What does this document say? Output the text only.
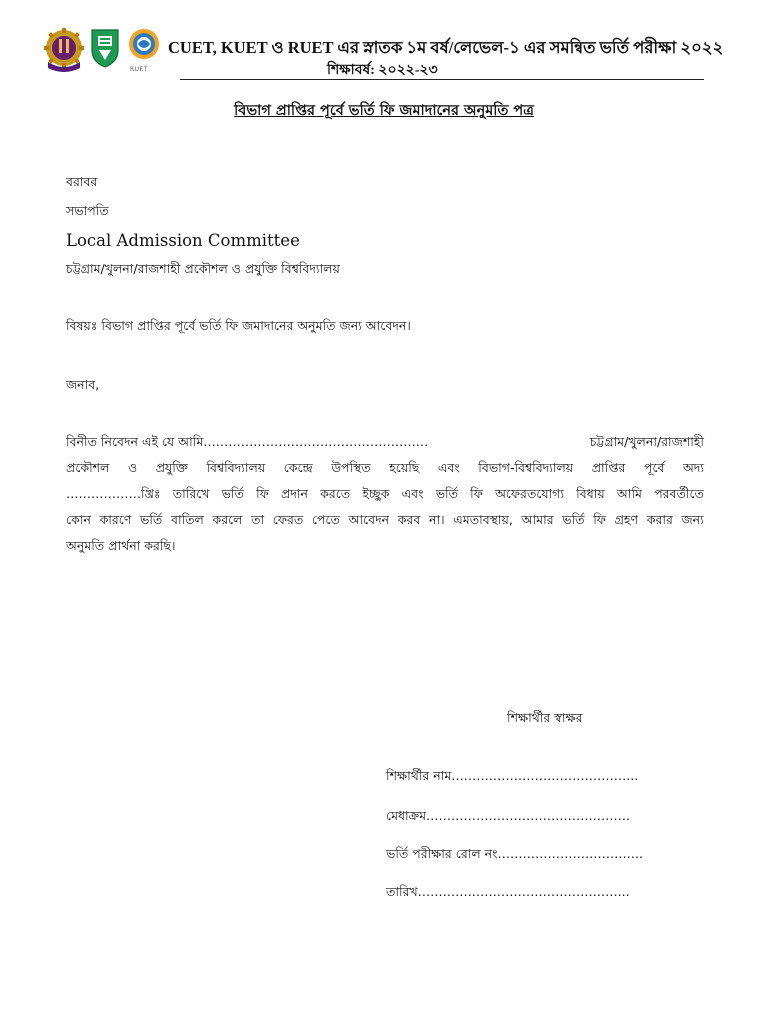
RUET
CUET, KUET ও RUET এর স্নাতক ১ম বর্ষ/লেভেল-১ এর সমন্বিত ভর্তি পরীক্ষা ২০২২
শিক্ষাবর্ষ: ২০২২-২৩
বিভাগ প্রাপ্তির পূর্বে ভর্তি ফি জমাদানের অনুমতি পত্র
বরাবর
সভাপতি
Local Admission Committee
চট্টগ্রাম/খুলনা/রাজশাহী প্রকৌশল ও প্রযুক্তি বিশ্ববিদ্যালয়
বিষয়ঃ বিভাগ প্রাপ্তির পূর্বে ভর্তি ফি জমাদানের অনুমতি জন্য আবেদন।
জনাব,
বিনীত নিবেদন এই যে আমি………………………………………………	চট্টগ্রাম/খুলনা/রাজশাহী
প্রকৌশল ও প্রযুক্তি বিশ্ববিদ্যালয় কেন্দ্রে উপস্থিত হয়েছি এবং বিভাগ-বিশ্ববিদ্যালয় প্রাপ্তির পূর্বে অদ্য
………………খ্রিঃ তারিখে ভর্তি ফি প্রদান করতে ইচ্ছুক এবং ভর্তি ফি অফেরতযোগ্য বিধায় আমি পরবর্তীতে
কোন কারণে ভর্তি বাতিল করলে তা ফেরত পেতে আবেদন করব না। এমতাবস্থায়, আমার ভর্তি ফি গ্রহণ করার জন্য
অনুমতি প্রার্থনা করছি।
শিক্ষার্থীর স্বাক্ষর
শিক্ষার্থীর নাম……………………………………...
মেধাক্রম………………………………………….
ভর্তি পরীক্ষার রোল নং……………………………..
তারিখ…………………………………………...
